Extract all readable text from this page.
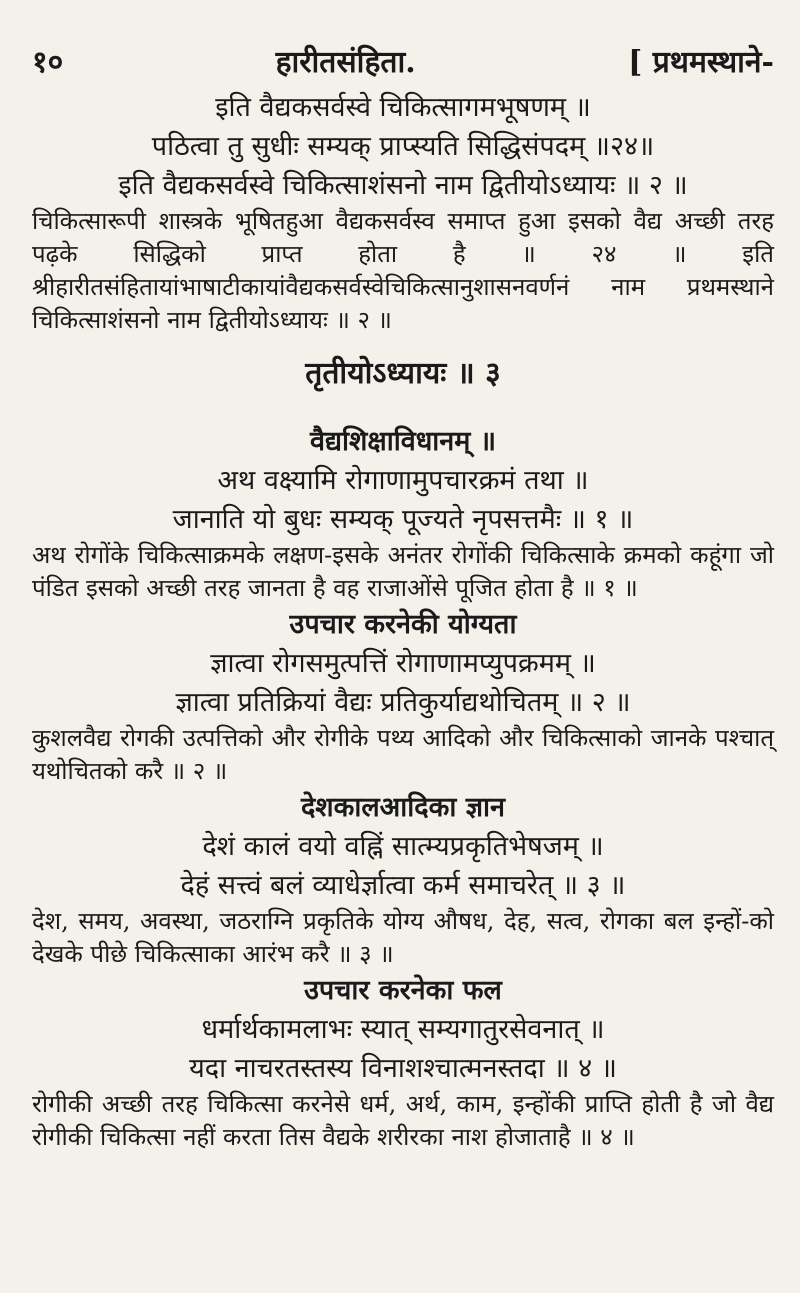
१०	हारीतसंहिता.	[ प्रथमस्थाने-
इति वैद्यकसर्वस्वे चिकित्सागमभूषणम् ॥
पठित्वा तु सुधीः सम्यक् प्राप्स्यति सिद्धिसंपदम् ॥२४॥
इति वैद्यकसर्वस्वे चिकित्साशंसनो नाम द्वितीयोऽध्यायः ॥ २ ॥
चिकित्सारूपी शास्त्रके भूषितहुआ वैद्यकसर्वस्व समाप्त हुआ इसको वैद्य अच्छी तरह पढ़के सिद्धिको प्राप्त होता है ॥ २४ ॥ इति श्रीहारीतसंहितायांभाषाटीकायांवैद्यकसर्वस्वेचिकित्सानुशासनवर्णनं नाम प्रथमस्थाने चिकित्साशंसनो नाम द्वितीयोऽध्यायः ॥ २ ॥
तृतीयोऽध्यायः ॥ ३
वैद्यशिक्षाविधानम् ॥
अथ वक्ष्यामि रोगाणामुपचारक्रमं तथा ॥
जानाति यो बुधः सम्यक् पूज्यते नृपसत्तमैः ॥ १ ॥
अथ रोगोंके चिकित्साक्रमके लक्षण-इसके अनंतर रोगोंकी चिकित्साके क्रमको कहूंगा जो पंडित इसको अच्छी तरह जानता है वह राजाओंसे पूजित होता है ॥ १ ॥
उपचार करनेकी योग्यता
ज्ञात्वा रोगसमुत्पत्तिं रोगाणामप्युपक्रमम् ॥
ज्ञात्वा प्रतिक्रियां वैद्यः प्रतिकुर्याद्यथोचितम् ॥ २ ॥
कुशलवैद्य रोगकी उत्पत्तिको और रोगीके पथ्य आदिको और चिकित्साको जानके पश्चात् यथोचितको करै ॥ २ ॥
देशकालआदिका ज्ञान
देशं कालं वयो वह्निं सात्म्यप्रकृतिभेषजम् ॥
देहं सत्त्वं बलं व्याधेर्ज्ञात्वा कर्म समाचरेत् ॥ ३ ॥
देश, समय, अवस्था, जठराग्नि प्रकृतिके योग्य औषध, देह, सत्व, रोगका बल इन्हों-को देखके पीछे चिकित्साका आरंभ करै ॥ ३ ॥
उपचार करनेका फल
धर्मार्थकामलाभः स्यात् सम्यगातुरसेवनात् ॥
यदा नाचरतस्तस्य विनाशश्चात्मनस्तदा ॥ ४ ॥
रोगीकी अच्छी तरह चिकित्सा करनेसे धर्म, अर्थ, काम, इन्होंकी प्राप्ति होती है जो वैद्य रोगीकी चिकित्सा नहीं करता तिस वैद्यके शरीरका नाश होजाताहै ॥ ४ ॥
